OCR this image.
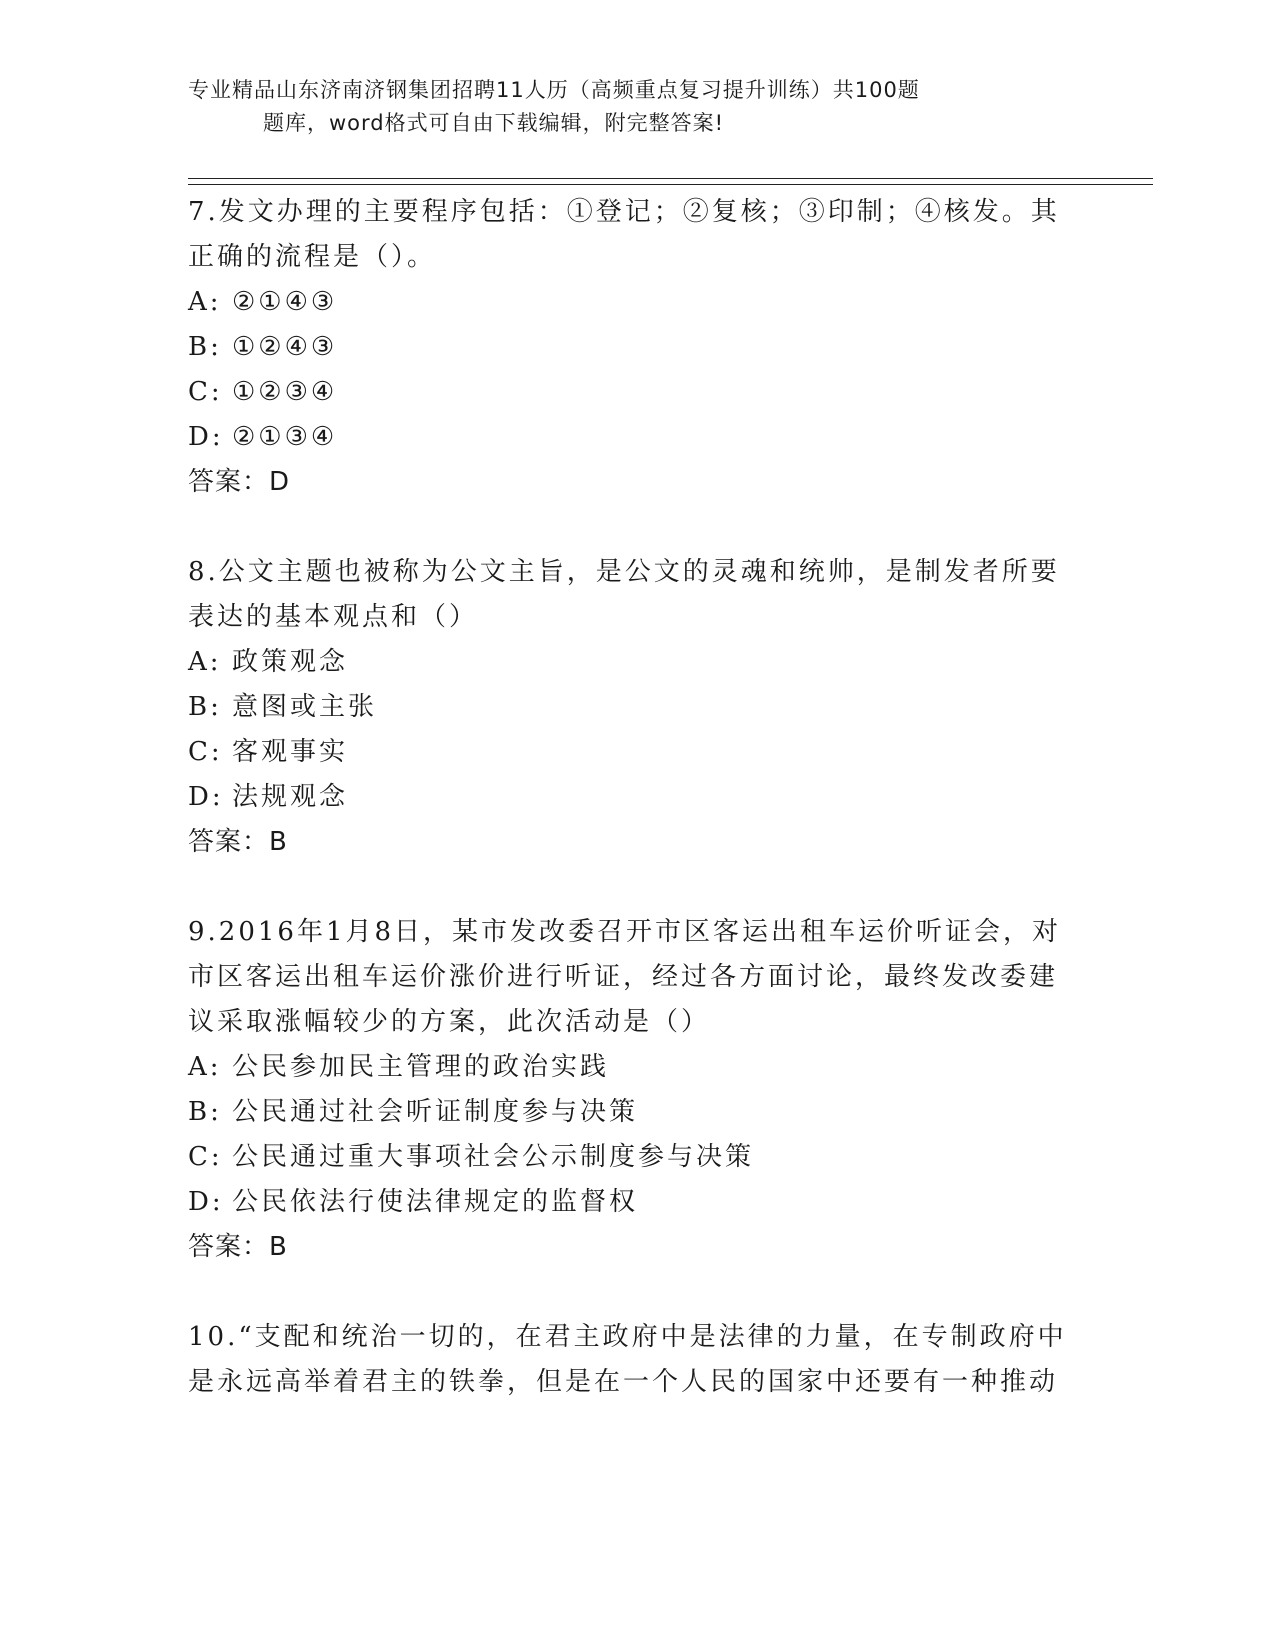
专业精品山东济南济钢集团招聘11人历（高频重点复习提升训练）共100题
题库，word格式可自由下载编辑，附完整答案!
7.发文办理的主要程序包括：①登记；②复核；③印制；④核发。其
正确的流程是（）。
A: ②①④③
B: ①②④③
C: ①②③④
D: ②①③④
答案：D
8.公文主题也被称为公文主旨，是公文的灵魂和统帅，是制发者所要
表达的基本观点和（）
A: 政策观念
B: 意图或主张
C: 客观事实
D: 法规观念
答案：B
9.2016年1月8日，某市发改委召开市区客运出租车运价听证会，对
市区客运出租车运价涨价进行听证，经过各方面讨论，最终发改委建
议采取涨幅较少的方案，此次活动是（）
A: 公民参加民主管理的政治实践
B: 公民通过社会听证制度参与决策
C: 公民通过重大事项社会公示制度参与决策
D: 公民依法行使法律规定的监督权
答案：B
10.“支配和统治一切的，在君主政府中是法律的力量，在专制政府中
是永远高举着君主的铁拳，但是在一个人民的国家中还要有一种推动
